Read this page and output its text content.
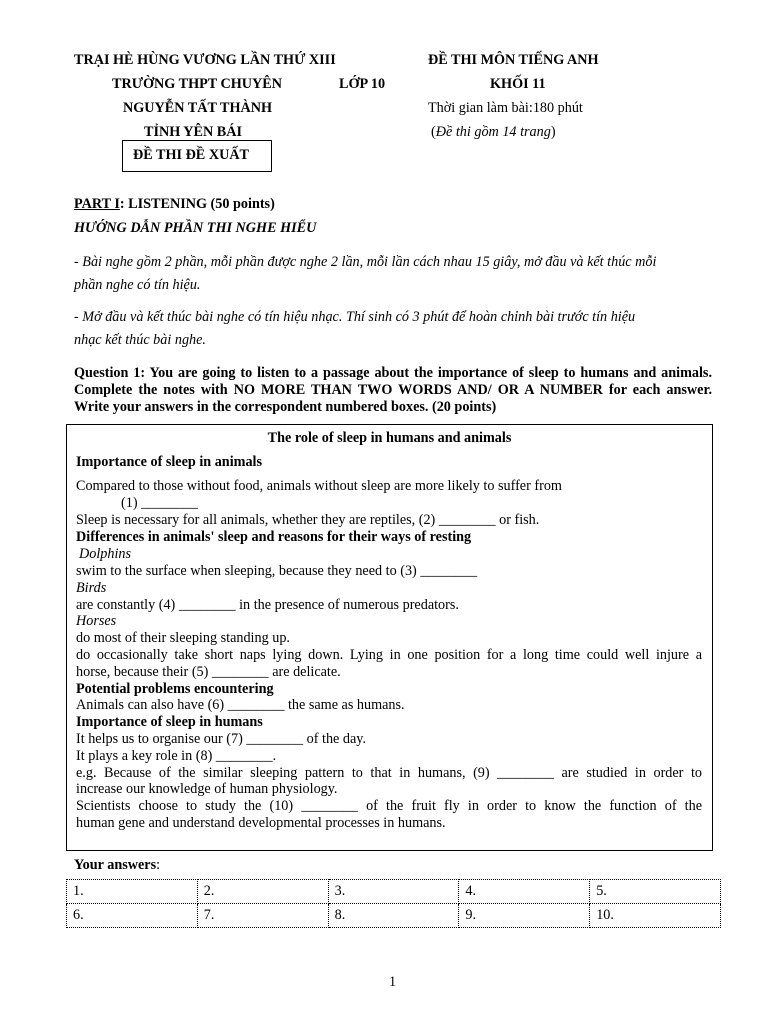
TRẠI HÈ HÙNG VƯƠNG LẦN THỨ XIII
TRƯỜNG THPT CHUYÊN	LỚP 10
NGUYỄN TẤT THÀNH
TỈNH YÊN BÁI
ĐỀ THI ĐỀ XUẤT
ĐỀ THI MÔN TIẾNG ANH
KHỐI 11
Thời gian làm bài:180 phút
(Đề thi gồm 14 trang)
PART I: LISTENING (50 points)
HƯỚNG DẪN PHẦN THI NGHE HIỂU
- Bài nghe gồm 2 phần, mỗi phần được nghe 2 lần, mỗi lần cách nhau 15 giây, mở đầu và kết thúc mỗi
phần nghe có tín hiệu.
- Mở đầu và kết thúc bài nghe có tín hiệu nhạc. Thí sinh có 3 phút để hoàn chỉnh bài trước tín hiệu
nhạc kết thúc bài nghe.
Question 1: You are going to listen to a passage about the importance of sleep to humans and animals. Complete the notes with NO MORE THAN TWO WORDS AND/ OR A NUMBER for each answer. Write your answers in the correspondent numbered boxes. (20 points)
The role of sleep in humans and animals
Importance of sleep in animals
Compared to those without food, animals without sleep are more likely to suffer from
(1) ________
Sleep is necessary for all animals, whether they are reptiles, (2) ________ or fish.
Differences in animals' sleep and reasons for their ways of resting
Dolphins
swim to the surface when sleeping, because they need to (3) ________
Birds
are constantly (4) ________ in the presence of numerous predators.
Horses
do most of their sleeping standing up.
do occasionally take short naps lying down. Lying in one position for a long time could well injure a
horse, because their (5) ________ are delicate.
Potential problems encountering
Animals can also have (6) ________ the same as humans.
Importance of sleep in humans
It helps us to organise our (7) ________ of the day.
It plays a key role in (8) ________.
e.g. Because of the similar sleeping pattern to that in humans, (9) ________ are studied in order to
increase our knowledge of human physiology.
Scientists choose to study the (10) ________ of the fruit fly in order to know the function of the
human gene and understand developmental processes in humans.
Your answers:
1.	2.	3.	4.	5.
6.	7.	8.	9.	10.
1
